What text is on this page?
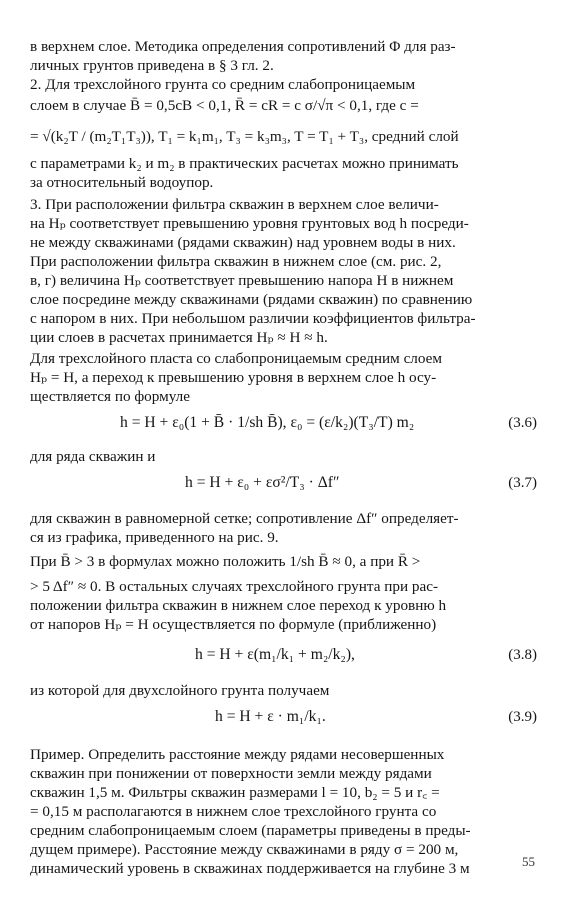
в верхнем слое. Методика определения сопротивлений Φ для раз-
личных грунтов приведена в § 3 гл. 2.
2. Для трехслойного грунта со средним слабопроницаемым
слоем в случае B̄ = 0,5cB < 0,1, R̄ = cR = c σ/√π < 0,1, где c =
= √(k₂T / (m₂T₁T₃)), T₁ = k₁m₁, T₃ = k₃m₃, T = T₁ + T₃, средний слой
с параметрами k₂ и m₂ в практических расчетах можно принимать
за относительный водоупор.
3. При расположении фильтра скважин в верхнем слое величи-
на Hₚ соответствует превышению уровня грунтовых вод h посреди-
не между скважинами (рядами скважин) над уровнем воды в них.
При расположении фильтра скважин в нижнем слое (см. рис. 2,
в, г) величина Hₚ соответствует превышению напора H в нижнем
слое посредине между скважинами (рядами скважин) по сравнению
с напором в них. При небольшом различии коэффициентов фильтра-
ции слоев в расчетах принимается Hₚ ≈ H ≈ h.
Для трехслойного пласта со слабопроницаемым средним слоем
Hₚ = H, а переход к превышению уровня в верхнем слое h осу-
ществляется по формуле
h = H + ε₀(1 + B̄ · 1/sh B̄), ε₀ = (ε/k₂)(T₃/T) m₂	(3.6)
для ряда скважин и
h = H + ε₀ + εσ²/T₃ · Δf″	(3.7)
для скважин в равномерной сетке; сопротивление Δf″ определяет-
ся из графика, приведенного на рис. 9.
При B̄ > 3 в формулах можно положить 1/sh B̄ ≈ 0, а при R̄ >
> 5 Δf″ ≈ 0. В остальных случаях трехслойного грунта при рас-
положении фильтра скважин в нижнем слое переход к уровню h
от напоров Hₚ = H осуществляется по формуле (приближенно)
h = H + ε(m₁/k₁ + m₂/k₂),	(3.8)
из которой для двухслойного грунта получаем
h = H + ε · m₁/k₁.	(3.9)
Пример. Определить расстояние между рядами несовершенных
скважин при понижении от поверхности земли между рядами
скважин 1,5 м. Фильтры скважин размерами l = 10, b₂ = 5 и r꜀ =
= 0,15 м располагаются в нижнем слое трехслойного грунта со
средним слабопроницаемым слоем (параметры приведены в преды-
дущем примере). Расстояние между скважинами в ряду σ = 200 м,
динамический уровень в скважинах поддерживается на глубине 3 м	55
